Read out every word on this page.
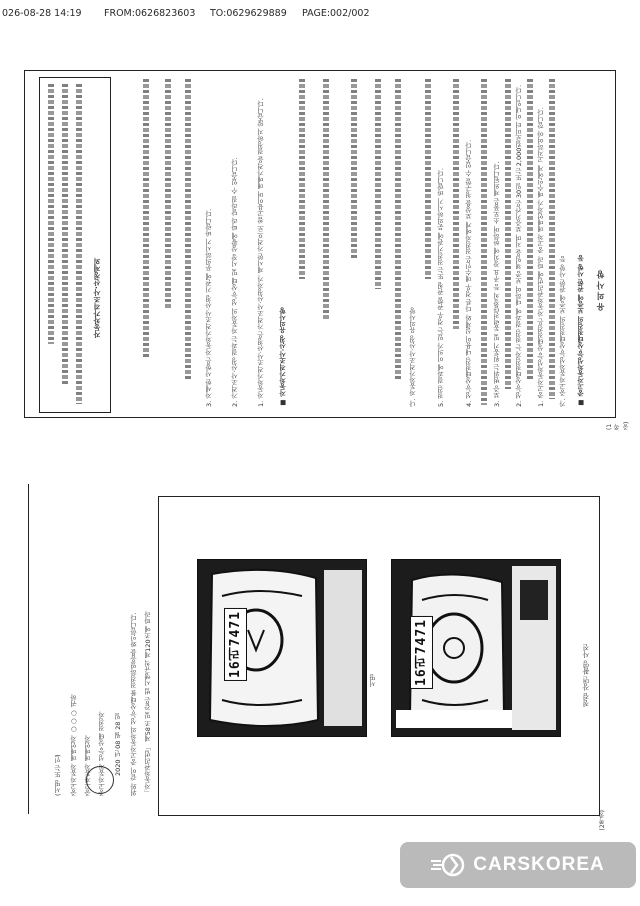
026-08-28 14:19 FROM:0626823603 TO:0629629889 PAGE:002/002
유 의 사 항
■ 중고자동차성능·상태점검의 보증에 관한 사항 등
■ 자동차가격조사·산정 유의사항	가. 중고자동차성능·상태점검의 보증에 관한 사항 등
1. 중고자동차성능·상태점검은 자동차관리법에 따라 중고차 매매업자가 매수인에게 고지하여야 합니다.
2. 성능·상태점검자는 점검 결과에 대하여 보증 책임을 지며 보증기간은 30일 또는 2,000킬로미터 이내입니다.
3. 보증 범위는 원동기 및 동력전달장치 등 주요 장치에 한하며 소모품은 제외됩니다.
4. 성능·상태점검 내용이 실제와 다른 경우 매수인은 점검자에게 보상을 청구할 수 있습니다.
5. 점검 결과에 이의가 있는 경우 관할 관청 또는 점검기관에 문의하시기 바랍니다.
나. 자동차가격조사·산정 유의사항
1. 자동차가격조사·산정은 가격조사·산정자가 제시한 가격으로 참고용이며 매매가격을 결정하지 않습니다.
2. 가격조사·산정 결과는 자동차의 성능·상태 및 시장 상황에 따라 달라질 수 있습니다.
3. 자세한 사항은 자동차가격조사·산정 기관에 문의하시기 바랍니다.
자동차가격조사·산정제외
(1쪽중)
점검 장면 촬영 사진
16러7471
16러7471
서명
「자동차관리법」 제58조 및 같은 법 시행규칙 제120조에 따라
위와 같이 중고자동차의 성능·상태를 점검하였음을 확인합니다.
2020 년 08 월 28 일
중고자동차 성능·상태 점검자
중고자동차 매매업자
중고자동차 매매업자 ○○○ 귀하
(서명 또는 인)
(2쪽중)
CARSKOREA
